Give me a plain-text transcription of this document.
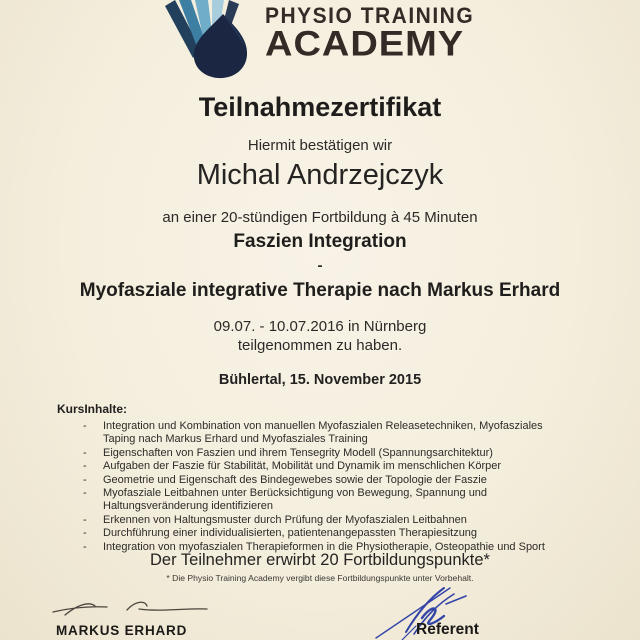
PHYSIO TRAINING
ACADEMY
Teilnahmezertifikat
Hiermit bestätigen wir
Michal Andrzejczyk
an einer 20-stündigen Fortbildung à 45 Minuten
Faszien Integration
-
Myofasziale integrative Therapie nach Markus Erhard
09.07. - 10.07.2016 in Nürnberg
teilgenommen zu haben.
Bühlertal, 15. November 2015
KursInhalte:
-	Integration und Kombination von manuellen Myofaszialen Releasetechniken, Myofasziales Taping nach Markus Erhard und Myofasziales Training
-	Eigenschaften von Faszien und ihrem Tensegrity Modell (Spannungsarchitektur)
-	Aufgaben der Faszie für Stabilität, Mobilität und Dynamik im menschlichen Körper
-	Geometrie und Eigenschaft des Bindegewebes sowie der Topologie der Faszie
-	Myofasziale Leitbahnen unter Berücksichtigung von Bewegung, Spannung und Haltungsveränderung identifizieren
-	Erkennen von Haltungsmuster durch Prüfung der Myofaszialen Leitbahnen
-	Durchführung einer individualisierten, patientenangepassten Therapiesitzung
-	Integration von myofaszialen Therapieformen in die Physiotherapie, Osteopathie und Sport
Der Teilnehmer erwirbt 20 Fortbildungspunkte*
* Die Physio Training Academy vergibt diese Fortbildungspunkte unter Vorbehalt.
MARKUS ERHARD	Referent
